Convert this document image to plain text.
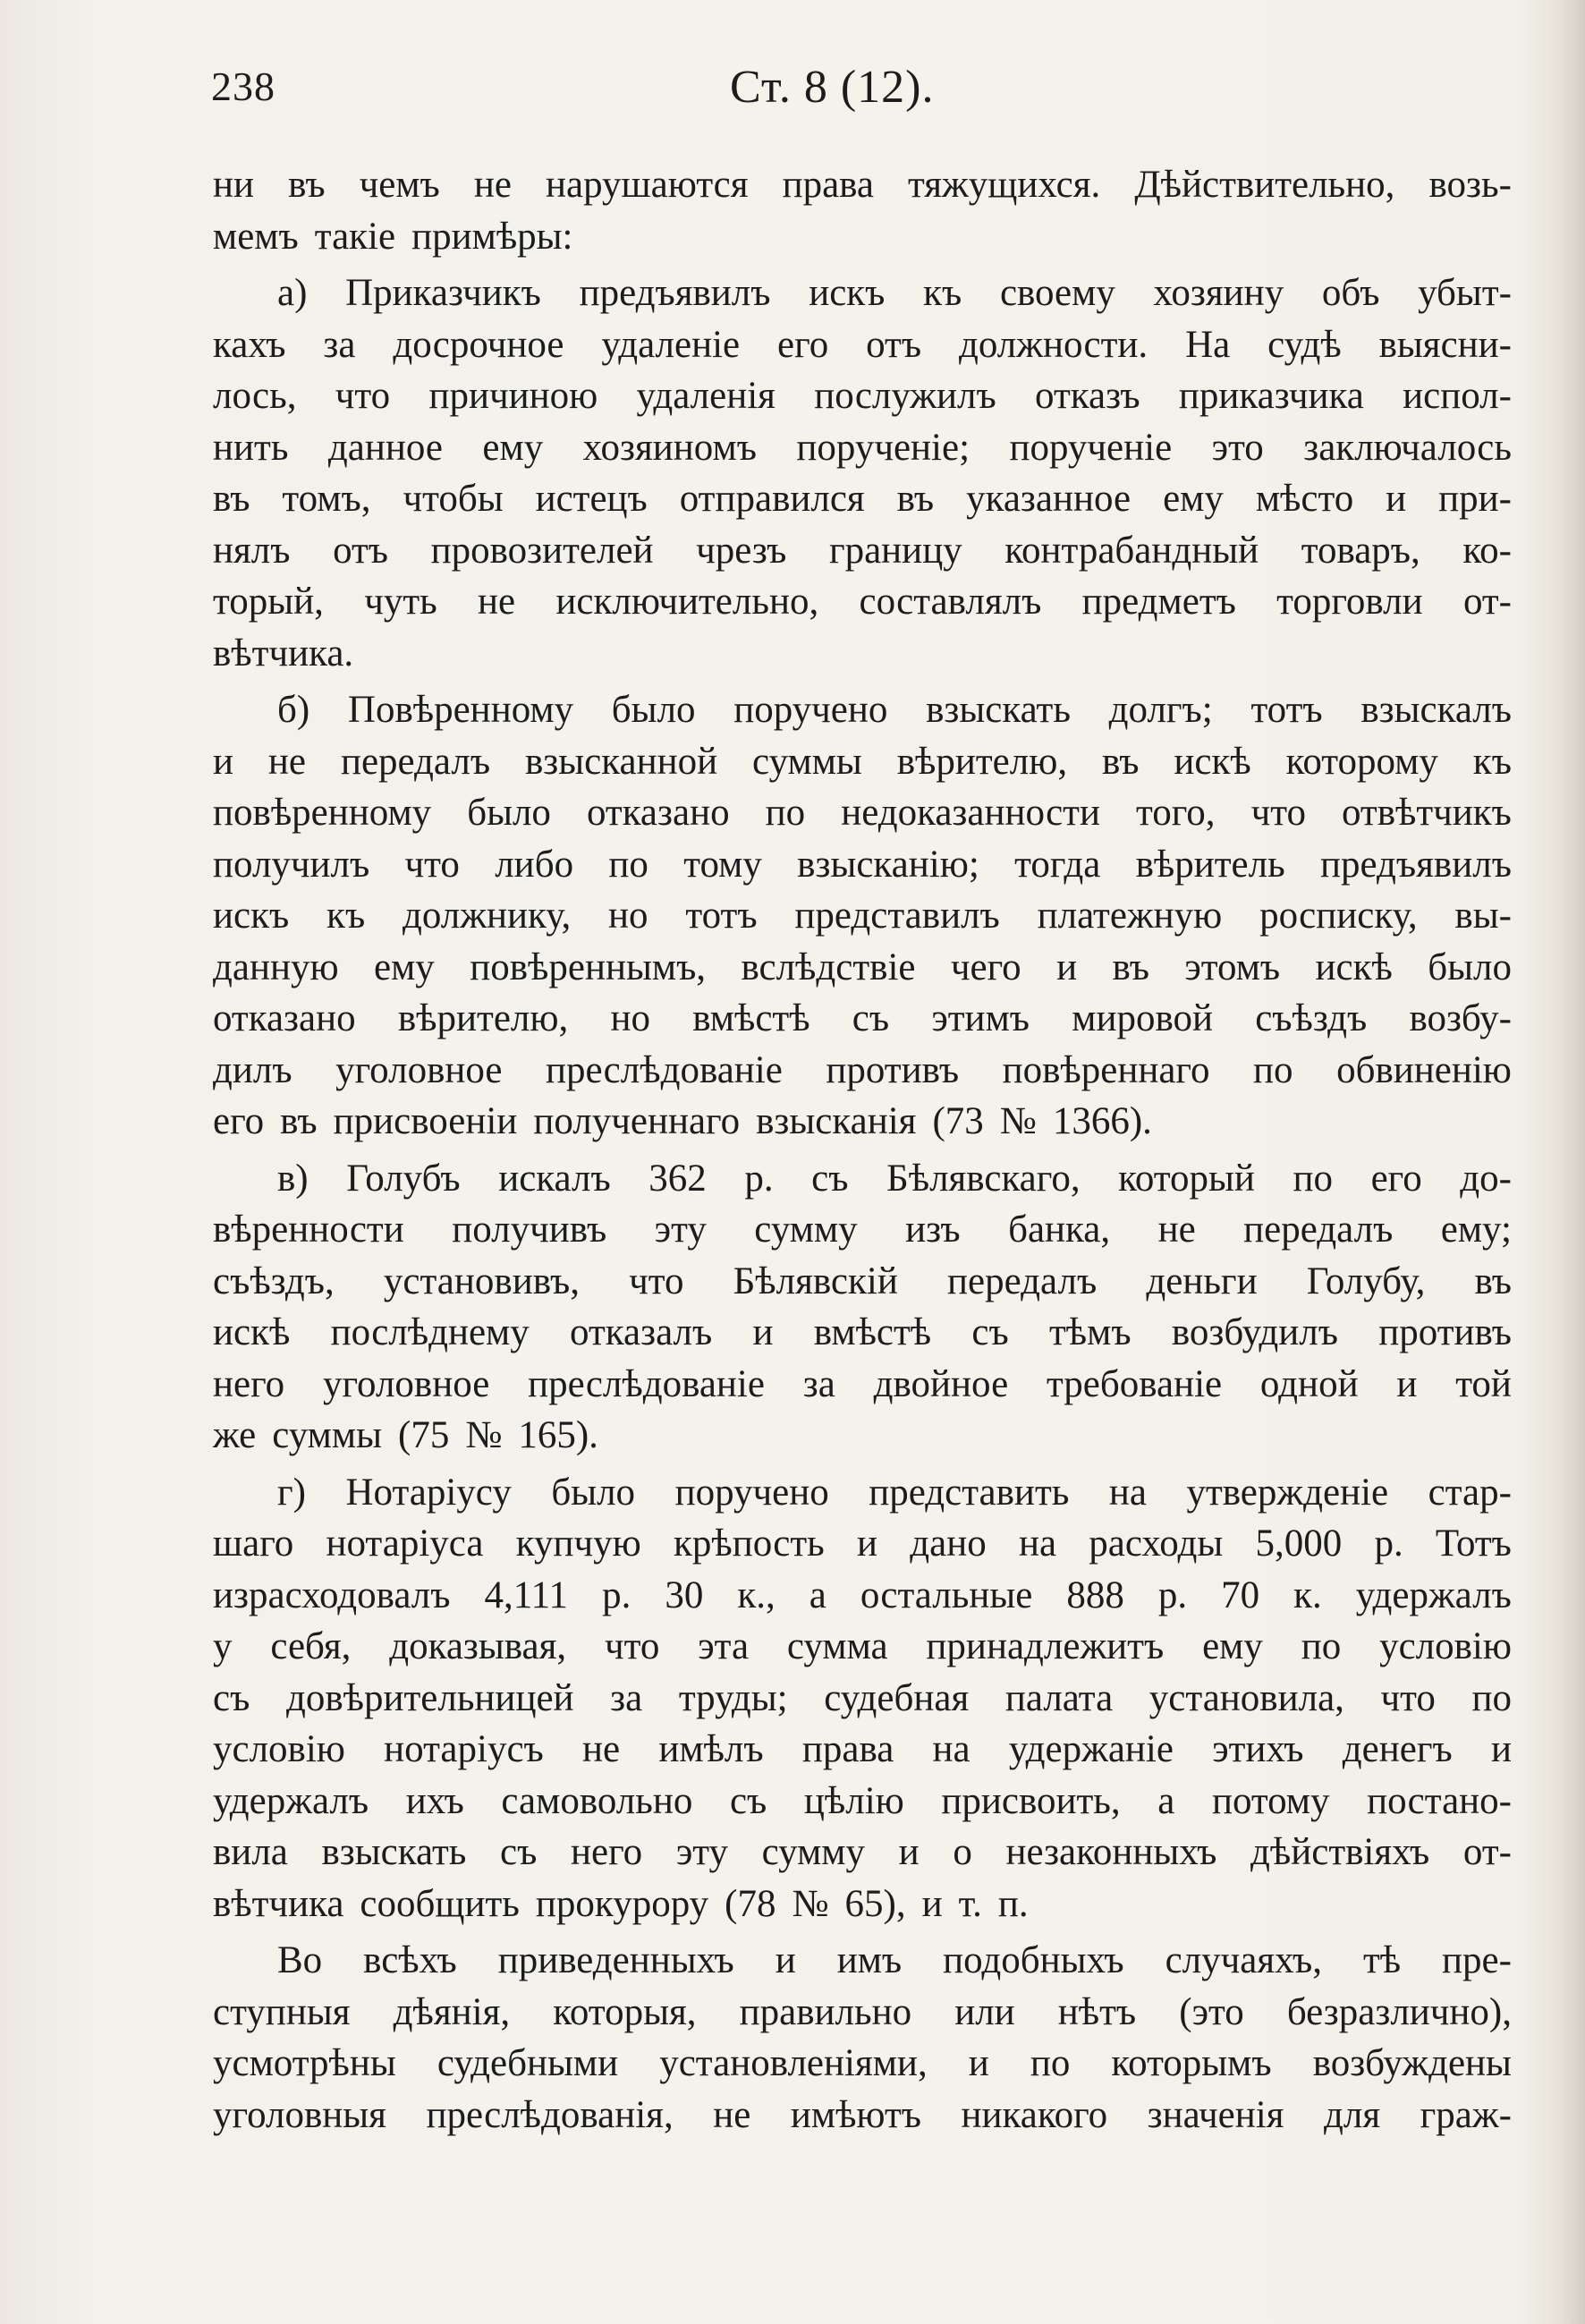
238	Ст. 8 (12).
ни въ чемъ не нарушаются права тяжущихся. Дѣйствительно, возь-
мемъ такіе примѣры:
а) Приказчикъ предъявилъ искъ къ своему хозяину объ убыт-
кахъ за досрочное удаленіе его отъ должности. На судѣ выясни-
лось, что причиною удаленія послужилъ отказъ приказчика испол-
нить данное ему хозяиномъ порученіе; порученіе это заключалось
въ томъ, чтобы истецъ отправился въ указанное ему мѣсто и при-
нялъ отъ провозителей чрезъ границу контрабандный товаръ, ко-
торый, чуть не исключительно, составлялъ предметъ торговли от-
вѣтчика.
б) Повѣренному было поручено взыскать долгъ; тотъ взыскалъ
и не передалъ взысканной суммы вѣрителю, въ искѣ которому къ
повѣренному было отказано по недоказанности того, что отвѣтчикъ
получилъ что либо по тому взысканію; тогда вѣритель предъявилъ
искъ къ должнику, но тотъ представилъ платежную росписку, вы-
данную ему повѣреннымъ, вслѣдствіе чего и въ этомъ искѣ было
отказано вѣрителю, но вмѣстѣ съ этимъ мировой съѣздъ возбу-
дилъ уголовное преслѣдованіе противъ повѣреннаго по обвиненію
его въ присвоеніи полученнаго взысканія (73 № 1366).
в) Голубъ искалъ 362 р. съ Бѣлявскаго, который по его до-
вѣренности получивъ эту сумму изъ банка, не передалъ ему;
съѣздъ, установивъ, что Бѣлявскій передалъ деньги Голубу, въ
искѣ послѣднему отказалъ и вмѣстѣ съ тѣмъ возбудилъ противъ
него уголовное преслѣдованіе за двойное требованіе одной и той
же суммы (75 № 165).
г) Нотаріусу было поручено представить на утвержденіе стар-
шаго нотаріуса купчую крѣпость и дано на расходы 5,000 р. Тотъ
израсходовалъ 4,111 р. 30 к., а остальные 888 р. 70 к. удержалъ
у себя, доказывая, что эта сумма принадлежитъ ему по условію
съ довѣрительницей за труды; судебная палата установила, что по
условію нотаріусъ не имѣлъ права на удержаніе этихъ денегъ и
удержалъ ихъ самовольно съ цѣлію присвоить, а потому постано-
вила взыскать съ него эту сумму и о незаконныхъ дѣйствіяхъ от-
вѣтчика сообщить прокурору (78 № 65), и т. п.
Во всѣхъ приведенныхъ и имъ подобныхъ случаяхъ, тѣ пре-
ступныя дѣянія, которыя, правильно или нѣтъ (это безразлично),
усмотрѣны судебными установленіями, и по которымъ возбуждены
уголовныя преслѣдованія, не имѣютъ никакого значенія для граж-
